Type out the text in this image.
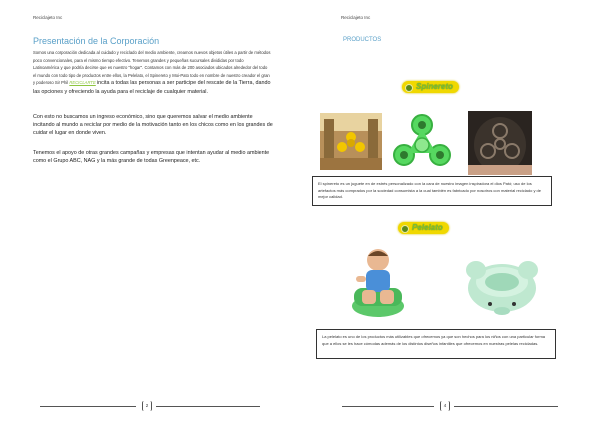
Reciclajeto Inc
Presentación de la Corporación
Somos una corporación dedicada al cuidado y reciclado del medio ambiente, creamos nuevos objetos útiles a partir de métodos poco convencionales, para el mismo tiempo efectivo. Tenemos grandes y pequeñas sucursales divididas por todo Latinoamérica y que podría decirse que es nuestro "hogar". Contamos con más de 200 asociados ubicados alrededor del todo el mundo con todo tipo de productos entre ellos, la Pelelato, el Spinereto y Moi-Pato todo en nombre de nuestro creador el gran y poderoso Sir Phil RECICLARTE incita a todas las personas a ser participe del rescate de la Tierra, dando las opciones y ofreciendo la ayuda para el reciclaje de cualquier material.
Con esto no buscamos un ingreso económico, sino que queremos salvar el medio ambiente incitando al mundo a reciclar por medio de la motivación tanto en los chicos como en los grandes de cuidar el lugar en donde viven.
Tenemos el apoyo de otras grandes campañas y empresas que intentan ayudar al medio ambiente como el Grupo ABC, NAG y la más grande de todas Greenpeace, etc.
2
Reciclajeto Inc
PRODUCTOS
Spinereto
El spinereto es un juguete en de estrés personalizado con la cara de nuestro imagen inspiradora el dios Pató; uso de los artefactos más comprados por la sociedad consumista a la cual también es fabricado por nosotros con material reciclado y de mejor calidad.
Pelelato
La pelelato es uno de los productos más utilizables que ofrecemos ya que son hechos para los niños con una particular forma que a ellos se les hace cómodas además de los distintos diseños infantiles que ofrecemos en nuestras pelelas recicladas.
4
